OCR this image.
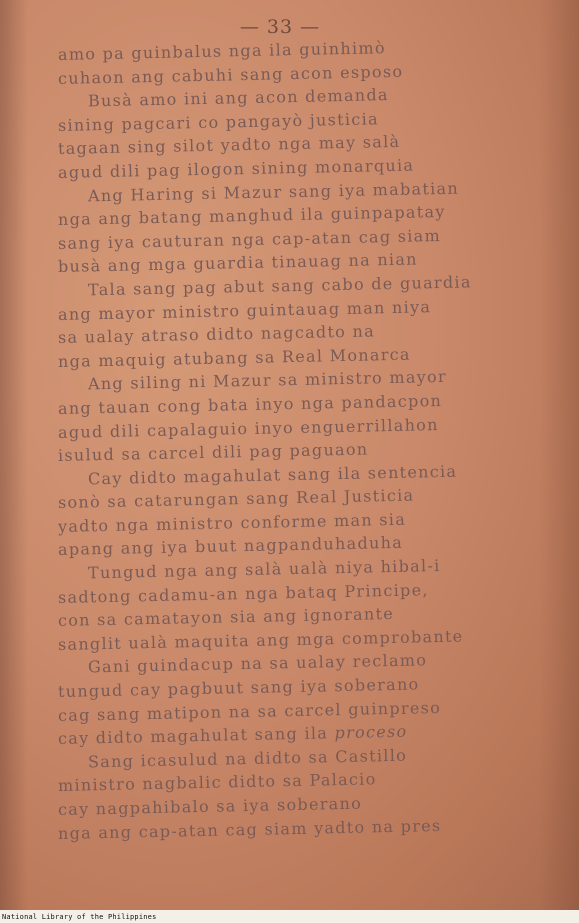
— 33 —
amo pa guinbalus nga ila guinhimò
cuhaon ang cabuhi sang acon esposo
Busà amo ini ang acon demanda
sining pagcari co pangayò justicia
tagaan sing silot yadto nga may salà
agud dili pag ilogon sining monarquia
Ang Haring si Mazur sang iya mabatian
nga ang batang manghud ila guinpapatay
sang iya cauturan nga cap-atan cag siam
busà ang mga guardia tinauag na nian
Tala sang pag abut sang cabo de guardia
ang mayor ministro guintauag man niya
sa ualay atraso didto nagcadto na
nga maquig atubang sa Real Monarca
Ang siling ni Mazur sa ministro mayor
ang tauan cong bata inyo nga pandacpon
agud dili capalaguio inyo enguerrillahon
isulud sa carcel dili pag paguaon
Cay didto magahulat sang ila sentencia
sonò sa catarungan sang Real Justicia
yadto nga ministro conforme man sia
apang ang iya buut nagpanduhaduha
Tungud nga ang salà ualà niya hibal-i
sadtong cadamu-an nga bataq Principe,
con sa camatayon sia ang ignorante
sanglit ualà maquita ang mga comprobante
Gani guindacup na sa ualay reclamo
tungud cay pagbuut sang iya soberano
cag sang matipon na sa carcel guinpreso
cay didto magahulat sang ila proceso
Sang icasulud na didto sa Castillo
ministro nagbalic didto sa Palacio
cay nagpahibalo sa iya soberano
nga ang cap-atan cag siam yadto na pres
National Library of the Philippines
